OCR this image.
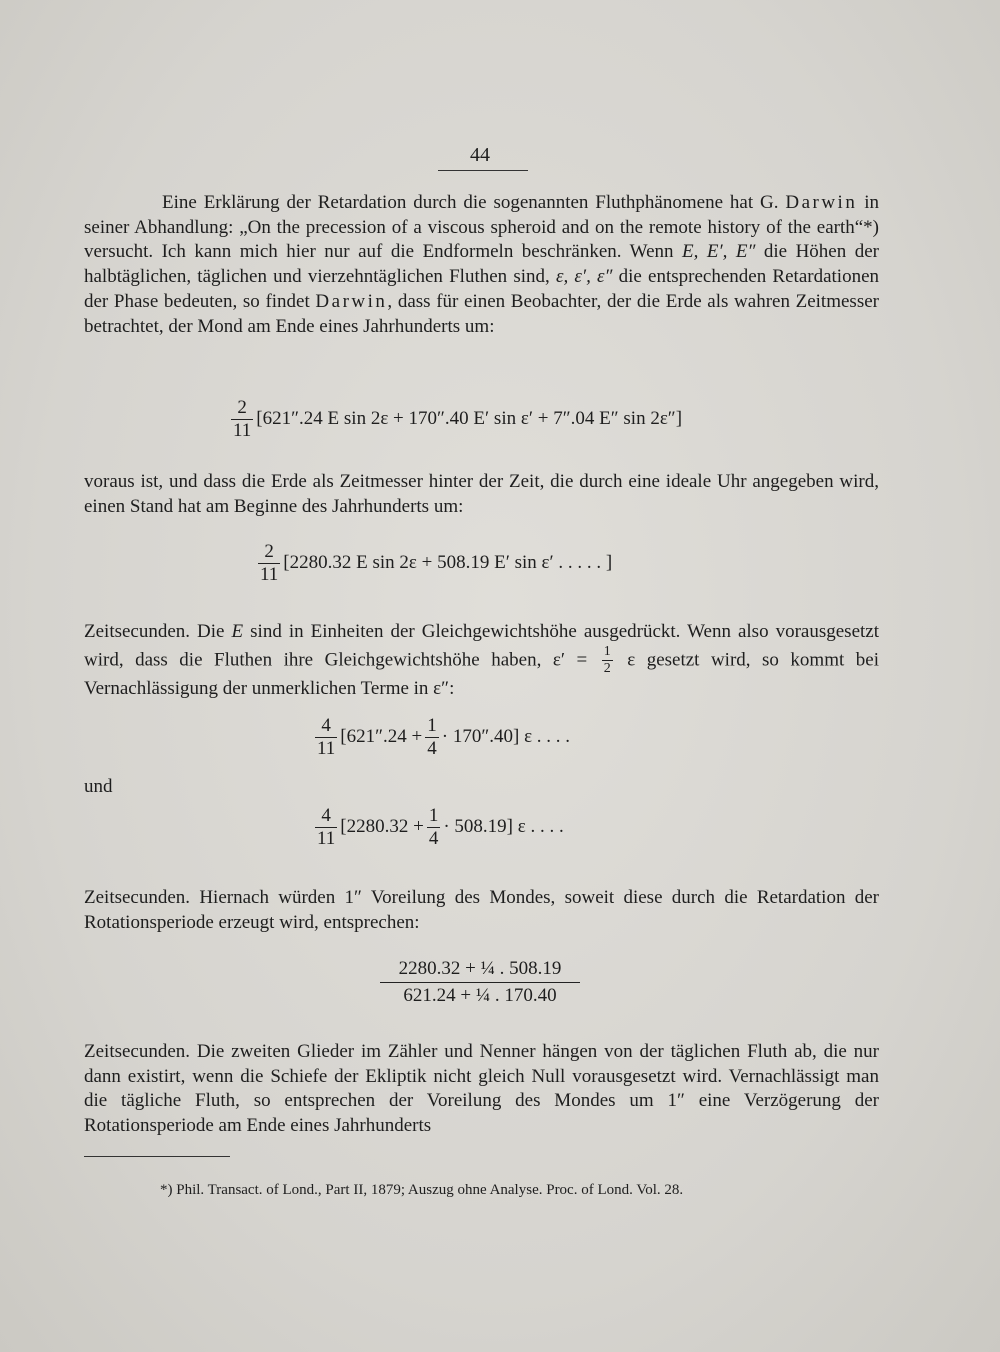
44

Eine Erklärung der Retardation durch die sogenannten Fluthphänomene hat G. Darwin in seiner Abhandlung: „On the precession of a viscous spheroid and on the remote history of the earth“*) versucht. Ich kann mich hier nur auf die Endformeln beschränken. Wenn E, E′, E″ die Höhen der halbtäglichen, täglichen und vierzehntäglichen Fluthen sind, ε, ε′, ε″ die entsprechenden Retardationen der Phase bedeuten, so findet Darwin, dass für einen Beobachter, der die Erde als wahren Zeitmesser betrachtet, der Mond am Ende eines Jahrhunderts um:

$\frac{2}{11} [621''.24$ E sin 2ε + 170″.40 E′ sin ε′ + 7″.04 E″ sin 2ε″]

voraus ist, und dass die Erde als Zeitmesser hinter der Zeit, die durch eine ideale Uhr angegeben wird, einen Stand hat am Beginne des Jahrhunderts um:

$\frac{2}{11} [2280.32$ E sin 2ε + 508.19 E′ sin ε′ . . . . . ]

Zeitsecunden. Die E sind in Einheiten der Gleichgewichtshöhe ausgedrückt. Wenn also vorausgesetzt wird, dass die Fluthen ihre Gleichgewichtshöhe haben, $\varepsilon' = \frac{1}{2}$ ε gesetzt wird, so kommt bei Vernachlässigung der unmerklichen Terme in ε″:

$\frac{4}{11} [621''.24 + \frac{1}{4} \cdot 170''.40]$ ε . . . .
und
$\frac{4}{11} [2280.32 + \frac{1}{4} \cdot 508.19]$ ε . . . .

Zeitsecunden. Hiernach würden 1″ Voreilung des Mondes, soweit diese durch die Retardation der Rotationsperiode erzeugt wird, entsprechen:

$\frac{\text{2280.32 + ¼ . 508.19}}{\text{621.24 + ¼ . 170.40}}$

Zeitsecunden. Die zweiten Glieder im Zähler und Nenner hängen von der täglichen Fluth ab, die nur dann existirt, wenn die Schiefe der Ekliptik nicht gleich Null vorausgesetzt wird. Vernachlässigt man die tägliche Fluth, so entsprechen der Voreilung des Mondes um 1″ eine Verzögerung der Rotationsperiode am Ende eines Jahrhunderts

*) Phil. Transact. of Lond., Part II, 1879; Auszug ohne Analyse. Proc. of Lond. Vol. 28.
